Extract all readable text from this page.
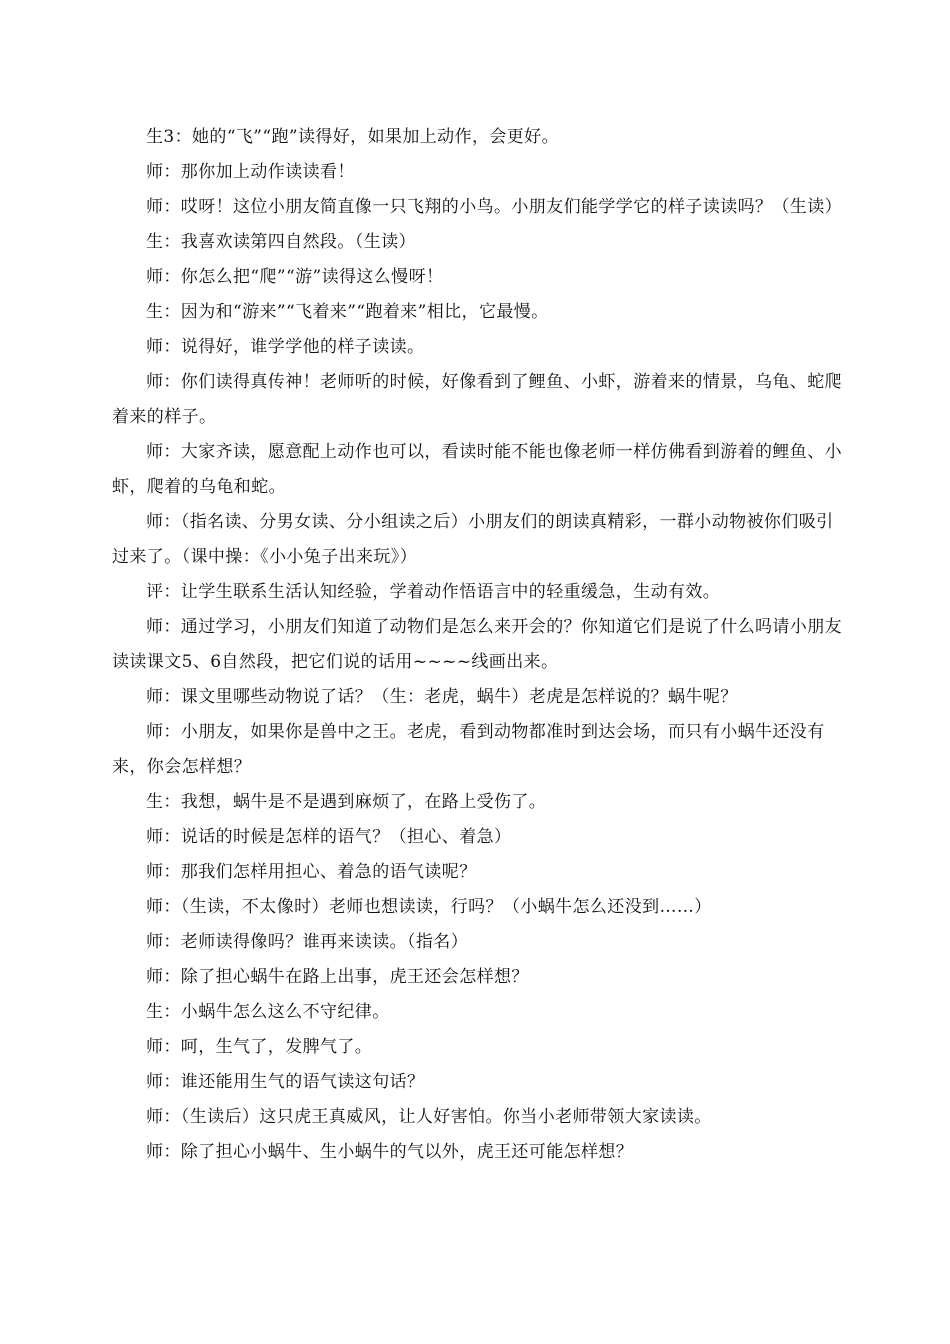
生3：她的“飞”“跑”读得好，如果加上动作，会更好。

师：那你加上动作读读看！

师：哎呀！这位小朋友简直像一只飞翔的小鸟。小朋友们能学学它的样子读读吗？（生读）

生：我喜欢读第四自然段。（生读）

师：你怎么把“爬”“游”读得这么慢呀！

生：因为和“游来”“飞着来”“跑着来”相比，它最慢。

师：说得好，谁学学他的样子读读。

师：你们读得真传神！老师听的时候，好像看到了鲤鱼、小虾，游着来的情景，乌龟、蛇爬着来的样子。

师：大家齐读，愿意配上动作也可以，看读时能不能也像老师一样仿佛看到游着的鲤鱼、小虾，爬着的乌龟和蛇。

师：（指名读、分男女读、分小组读之后）小朋友们的朗读真精彩，一群小动物被你们吸引过来了。（课中操：《小小兔子出来玩》）

评：让学生联系生活认知经验，学着动作悟语言中的轻重缓急，生动有效。

师：通过学习，小朋友们知道了动物们是怎么来开会的？你知道它们是说了什么吗请小朋友读读课文5、6自然段，把它们说的话用~~~~线画出来。

师：课文里哪些动物说了话？（生：老虎，蜗牛）老虎是怎样说的？蜗牛呢？

师：小朋友，如果你是兽中之王。老虎，看到动物都准时到达会场，而只有小蜗牛还没有来，你会怎样想？

生：我想，蜗牛是不是遇到麻烦了，在路上受伤了。

师：说话的时候是怎样的语气？（担心、着急）

师：那我们怎样用担心、着急的语气读呢？

师：（生读，不太像时）老师也想读读，行吗？（小蜗牛怎么还没到……）

师：老师读得像吗？谁再来读读。（指名）

师：除了担心蜗牛在路上出事，虎王还会怎样想？

生：小蜗牛怎么这么不守纪律。

师：呵，生气了，发脾气了。

师：谁还能用生气的语气读这句话？

师：（生读后）这只虎王真威风，让人好害怕。你当小老师带领大家读读。

师：除了担心小蜗牛、生小蜗牛的气以外，虎王还可能怎样想？
